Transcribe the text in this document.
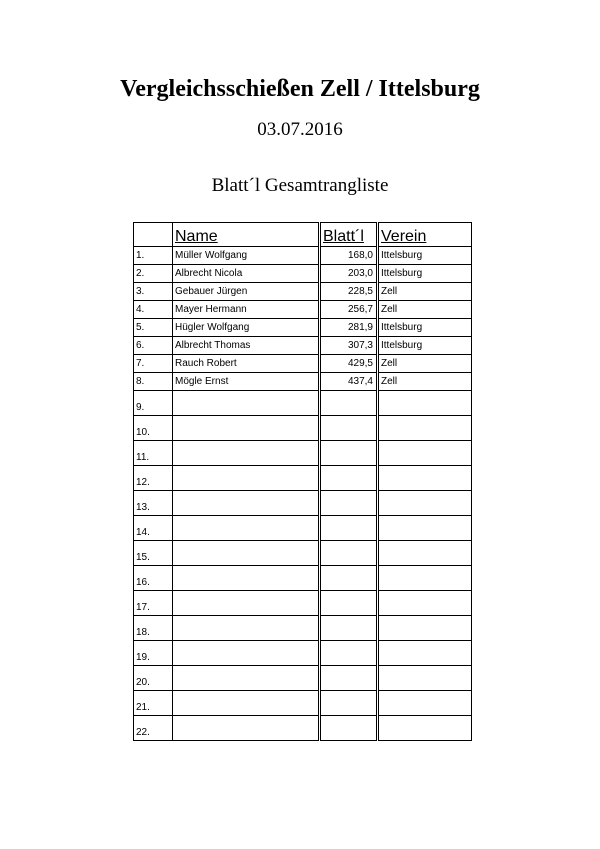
Vergleichsschießen Zell / Ittelsburg
03.07.2016
Blatt´l Gesamtrangliste
	Name	Blatt´l	Verein
1.	Müller Wolfgang	168,0	Ittelsburg
2.	Albrecht Nicola	203,0	Ittelsburg
3.	Gebauer Jürgen	228,5	Zell
4.	Mayer Hermann	256,7	Zell
5.	Hügler Wolfgang	281,9	Ittelsburg
6.	Albrecht Thomas	307,3	Ittelsburg
7.	Rauch Robert	429,5	Zell
8.	Mögle Ernst	437,4	Zell
9.			
10.			
11.			
12.			
13.			
14.			
15.			
16.			
17.			
18.			
19.			
20.			
21.			
22.			
